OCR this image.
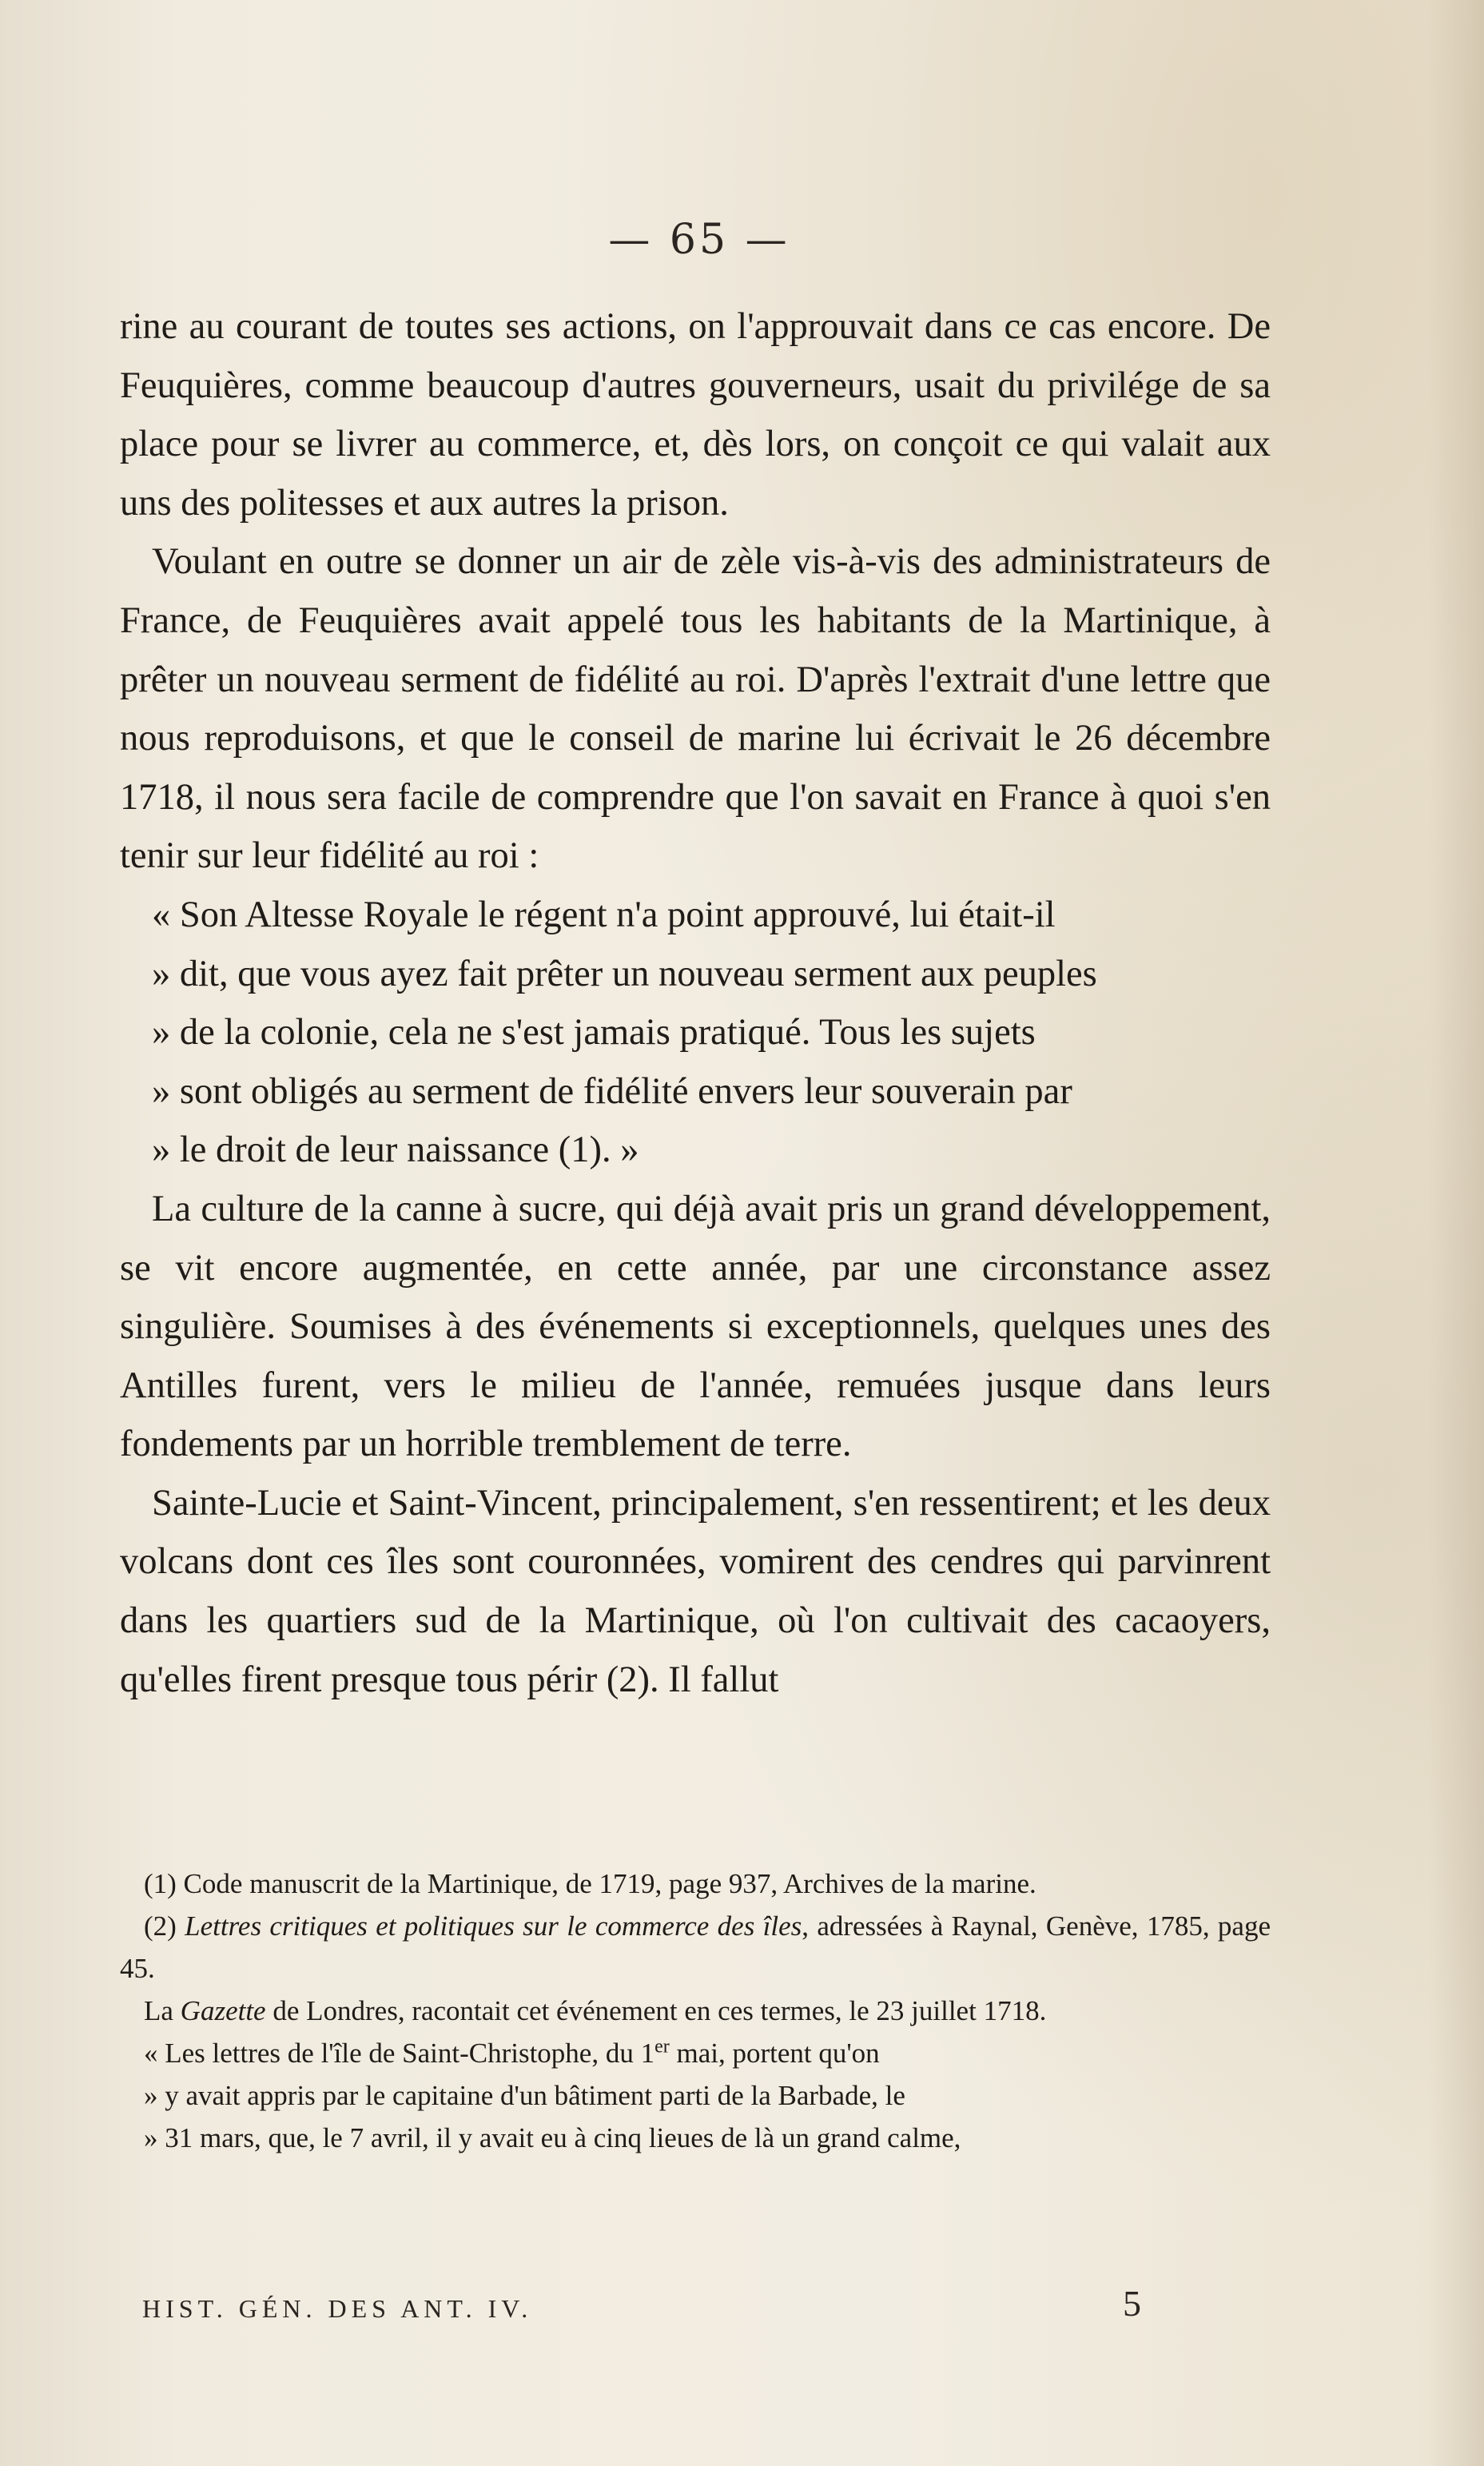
— 65 —

rine au courant de toutes ses actions, on l'approuvait dans ce cas encore. De Feuquières, comme beaucoup d'autres gouverneurs, usait du privilége de sa place pour se livrer au commerce, et, dès lors, on conçoit ce qui valait aux uns des politesses et aux autres la prison.

Voulant en outre se donner un air de zèle vis-à-vis des administrateurs de France, de Feuquières avait appelé tous les habitants de la Martinique, à prêter un nouveau serment de fidélité au roi. D'après l'extrait d'une lettre que nous reproduisons, et que le conseil de marine lui écrivait le 26 décembre 1718, il nous sera facile de comprendre que l'on savait en France à quoi s'en tenir sur leur fidélité au roi :

« Son Altesse Royale le régent n'a point approuvé, lui était-il
» dit, que vous ayez fait prêter un nouveau serment aux peuples
» de la colonie, cela ne s'est jamais pratiqué. Tous les sujets
» sont obligés au serment de fidélité envers leur souverain par
» le droit de leur naissance (1). »

La culture de la canne à sucre, qui déjà avait pris un grand développement, se vit encore augmentée, en cette année, par une circonstance assez singulière. Soumises à des événements si exceptionnels, quelques unes des Antilles furent, vers le milieu de l'année, remuées jusque dans leurs fondements par un horrible tremblement de terre.

Sainte-Lucie et Saint-Vincent, principalement, s'en ressentirent; et les deux volcans dont ces îles sont couronnées, vomirent des cendres qui parvinrent dans les quartiers sud de la Martinique, où l'on cultivait des cacaoyers, qu'elles firent presque tous périr (2). Il fallut

(1) Code manuscrit de la Martinique, de 1719, page 937, Archives de la marine.

(2) Lettres critiques et politiques sur le commerce des îles, adressées à Raynal, Genève, 1785, page 45.

La Gazette de Londres, racontait cet événement en ces termes, le 23 juillet 1718.

« Les lettres de l'île de Saint-Christophe, du 1er mai, portent qu'on

» y avait appris par le capitaine d'un bâtiment parti de la Barbade, le

» 31 mars, que, le 7 avril, il y avait eu à cinq lieues de là un grand calme,

HIST. GÉN. DES ANT. IV.	5
